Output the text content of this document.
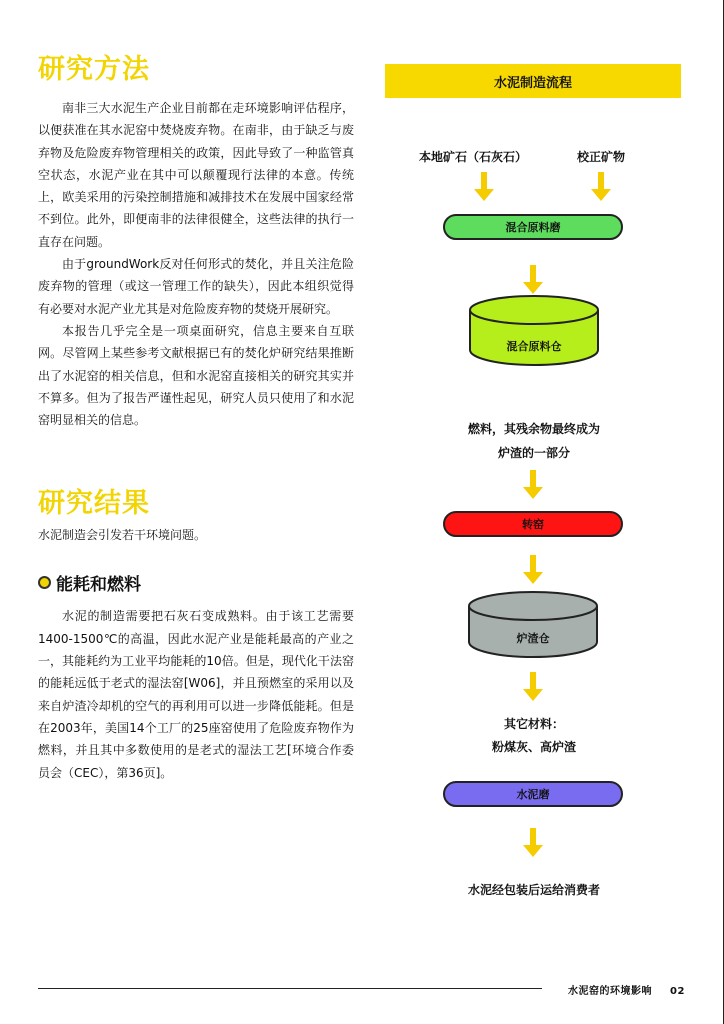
研究方法

南非三大水泥生产企业目前都在走环境影响评估程序，以便获准在其水泥窑中焚烧废弃物。在南非，由于缺乏与废弃物及危险废弃物管理相关的政策，因此导致了一种监管真空状态，水泥产业在其中可以颠覆现行法律的本意。传统上，欧美采用的污染控制措施和减排技术在发展中国家经常不到位。此外，即便南非的法律很健全，这些法律的执行一直存在问题。

由于groundWork反对任何形式的焚化，并且关注危险废弃物的管理（或这一管理工作的缺失），因此本组织觉得有必要对水泥产业尤其是对危险废弃物的焚烧开展研究。

本报告几乎完全是一项桌面研究，信息主要来自互联网。尽管网上某些参考文献根据已有的焚化炉研究结果推断出了水泥窑的相关信息，但和水泥窑直接相关的研究其实并不算多。但为了报告严谨性起见，研究人员只使用了和水泥窑明显相关的信息。

研究结果

水泥制造会引发若干环境问题。

能耗和燃料

水泥的制造需要把石灰石变成熟料。由于该工艺需要1400-1500℃的高温，因此水泥产业是能耗最高的产业之一，其能耗约为工业平均能耗的10倍。但是，现代化干法窑的能耗远低于老式的湿法窑[W06]，并且预燃室的采用以及来自炉渣冷却机的空气的再利用可以进一步降低能耗。但是在2003年，美国14个工厂的25座窑使用了危险废弃物作为燃料，并且其中多数使用的是老式的湿法工艺[环境合作委员会（CEC），第36页]。

水泥制造流程
本地矿石（石灰石）	校正矿物
混合原料磨
混合原料仓
燃料，其残余物最终成为
炉渣的一部分
转窑
炉渣仓
其它材料：
粉煤灰、高炉渣
水泥磨
水泥经包装后运给消费者
水泥窑的环境影响 02
